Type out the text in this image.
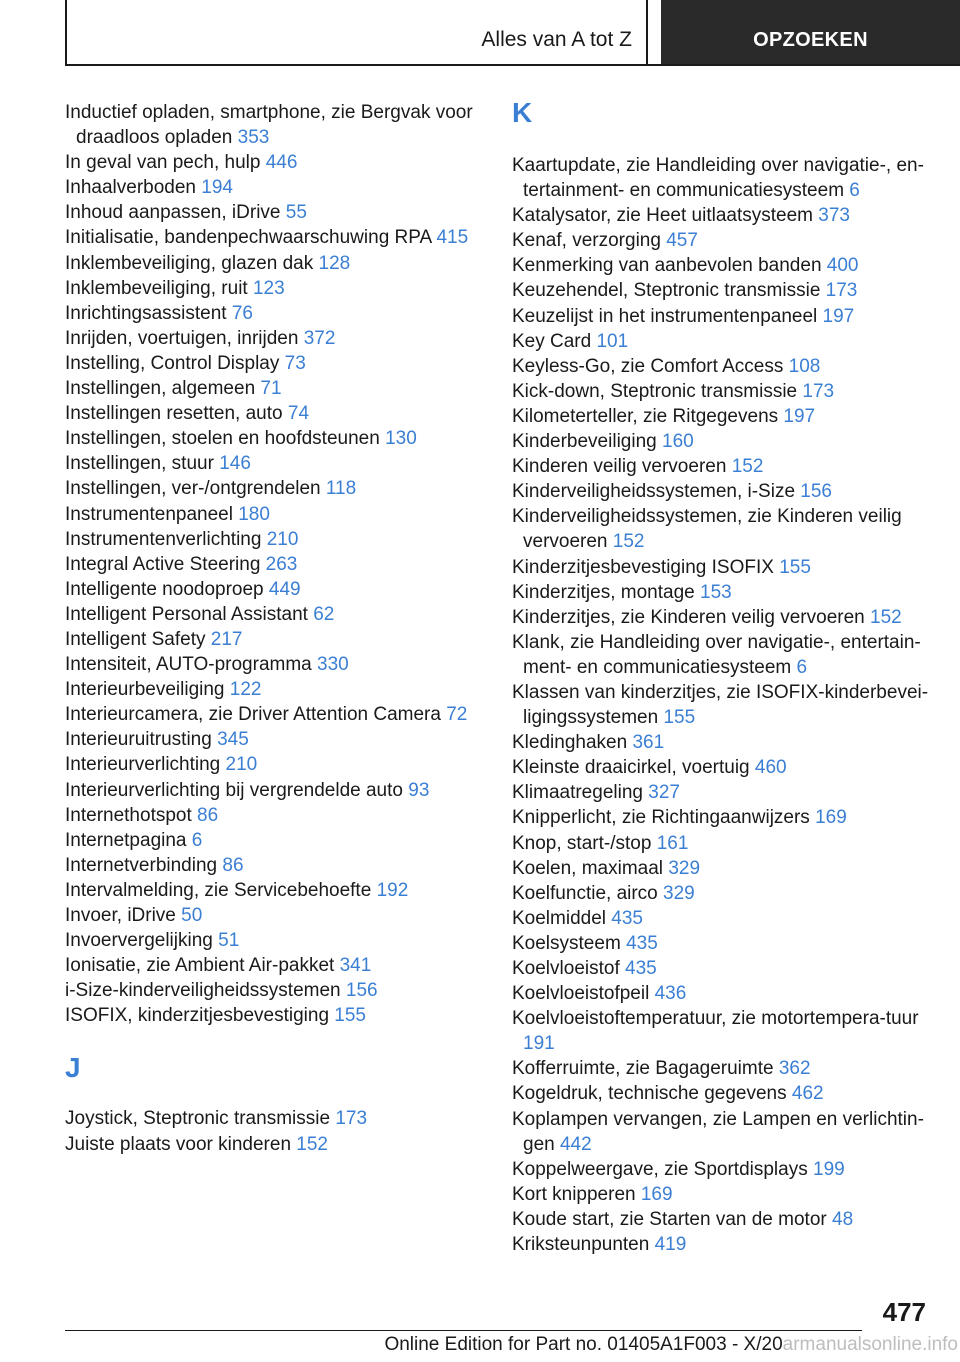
Alles van A tot Z	OPZOEKEN
Inductief opladen, smartphone, zie Bergvak voor draadloos opladen 353
In geval van pech, hulp 446
Inhaalverboden 194
Inhoud aanpassen, iDrive 55
Initialisatie, bandenpechwaarschuwing RPA 415
Inklembeveiliging, glazen dak 128
Inklembeveiliging, ruit 123
Inrichtingsassistent 76
Inrijden, voertuigen, inrijden 372
Instelling, Control Display 73
Instellingen, algemeen 71
Instellingen resetten, auto 74
Instellingen, stoelen en hoofdsteunen 130
Instellingen, stuur 146
Instellingen, ver-/ontgrendelen 118
Instrumentenpaneel 180
Instrumentenverlichting 210
Integral Active Steering 263
Intelligente noodoproep 449
Intelligent Personal Assistant 62
Intelligent Safety 217
Intensiteit, AUTO-programma 330
Interieurbeveiliging 122
Interieurcamera, zie Driver Attention Camera 72
Interieuruitrusting 345
Interieurverlichting 210
Interieurverlichting bij vergrendelde auto 93
Internethotspot 86
Internetpagina 6
Internetverbinding 86
Intervalmelding, zie Servicebehoefte 192
Invoer, iDrive 50
Invoervergelijking 51
Ionisatie, zie Ambient Air-pakket 341
i-Size-kinderveiligheidssystemen 156
ISOFIX, kinderzitjesbevestiging 155
J
Joystick, Steptronic transmissie 173
Juiste plaats voor kinderen 152
K
Kaartupdate, zie Handleiding over navigatie-, en-tertainment- en communicatiesysteem 6
Katalysator, zie Heet uitlaatsysteem 373
Kenaf, verzorging 457
Kenmerking van aanbevolen banden 400
Keuzehendel, Steptronic transmissie 173
Keuzelijst in het instrumentenpaneel 197
Key Card 101
Keyless-Go, zie Comfort Access 108
Kick-down, Steptronic transmissie 173
Kilometerteller, zie Ritgegevens 197
Kinderbeveiliging 160
Kinderen veilig vervoeren 152
Kinderveiligheidssystemen, i-Size 156
Kinderveiligheidssystemen, zie Kinderen veilig vervoeren 152
Kinderzitjesbevestiging ISOFIX 155
Kinderzitjes, montage 153
Kinderzitjes, zie Kinderen veilig vervoeren 152
Klank, zie Handleiding over navigatie-, entertain-ment- en communicatiesysteem 6
Klassen van kinderzitjes, zie ISOFIX-kinderbevei-ligingssystemen 155
Kledinghaken 361
Kleinste draaicirkel, voertuig 460
Klimaatregeling 327
Knipperlicht, zie Richtingaanwijzers 169
Knop, start-/stop 161
Koelen, maximaal 329
Koelfunctie, airco 329
Koelmiddel 435
Koelsysteem 435
Koelvloeistof 435
Koelvloeistofpeil 436
Koelvloeistoftemperatuur, zie motortempera-tuur 191
Kofferruimte, zie Bagageruimte 362
Kogeldruk, technische gegevens 462
Koplampen vervangen, zie Lampen en verlichtin-gen 442
Koppelweergave, zie Sportdisplays 199
Kort knipperen 169
Koude start, zie Starten van de motor 48
Kriksteunpunten 419
477
Online Edition for Part no. 01405A1F003 - X/20armanualsonline.info
